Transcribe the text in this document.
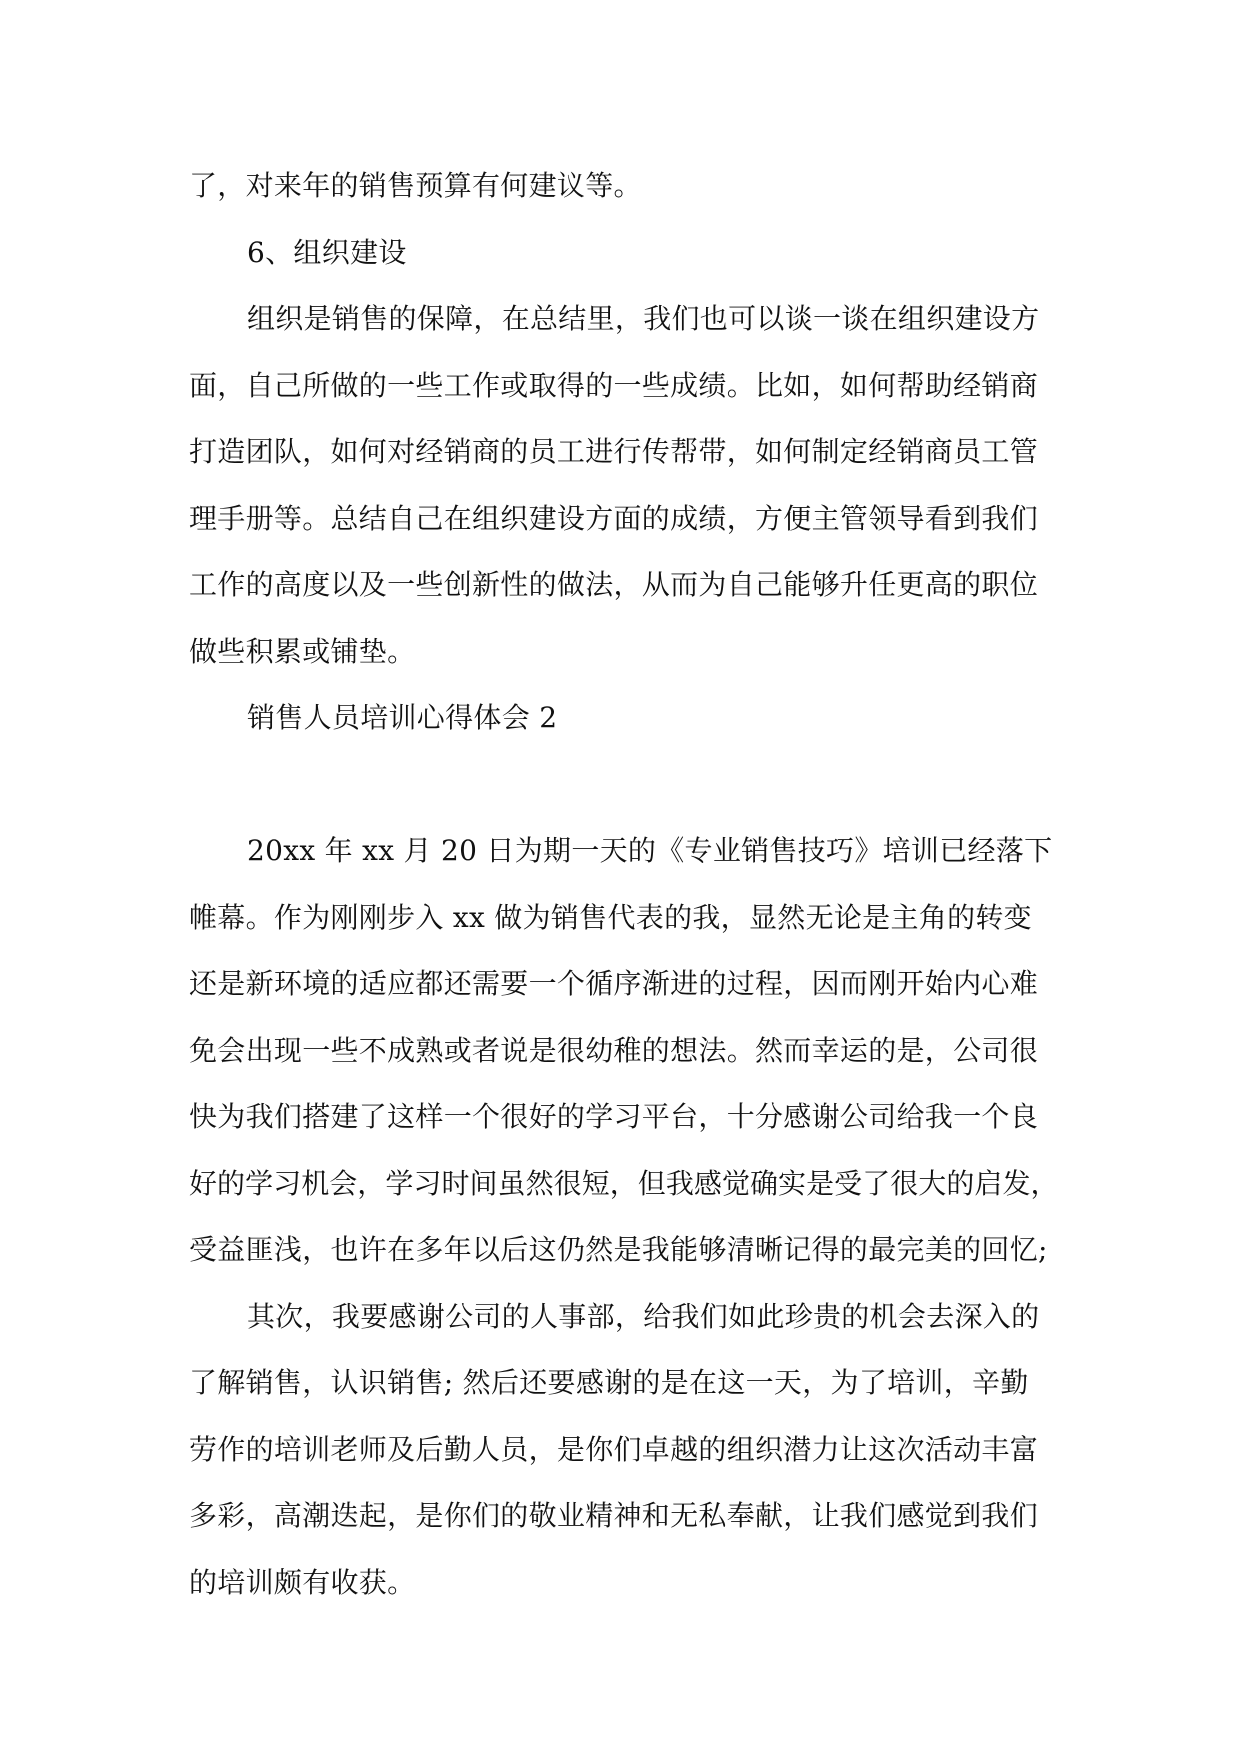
了，对来年的销售预算有何建议等。
6、组织建设
组织是销售的保障，在总结里，我们也可以谈一谈在组织建设方
面，自己所做的一些工作或取得的一些成绩。比如，如何帮助经销商
打造团队，如何对经销商的员工进行传帮带，如何制定经销商员工管
理手册等。总结自己在组织建设方面的成绩，方便主管领导看到我们
工作的高度以及一些创新性的做法，从而为自己能够升任更高的职位
做些积累或铺垫。
销售人员培训心得体会 2
20xx 年 xx 月 20 日为期一天的《专业销售技巧》培训已经落下
帷幕。作为刚刚步入 xx 做为销售代表的我，显然无论是主角的转变
还是新环境的适应都还需要一个循序渐进的过程，因而刚开始内心难
免会出现一些不成熟或者说是很幼稚的想法。然而幸运的是，公司很
快为我们搭建了这样一个很好的学习平台，十分感谢公司给我一个良
好的学习机会，学习时间虽然很短，但我感觉确实是受了很大的启发，
受益匪浅，也许在多年以后这仍然是我能够清晰记得的最完美的回忆;
其次，我要感谢公司的人事部，给我们如此珍贵的机会去深入的
了解销售，认识销售; 然后还要感谢的是在这一天，为了培训，辛勤
劳作的培训老师及后勤人员，是你们卓越的组织潜力让这次活动丰富
多彩，高潮迭起，是你们的敬业精神和无私奉献，让我们感觉到我们
的培训颇有收获。
